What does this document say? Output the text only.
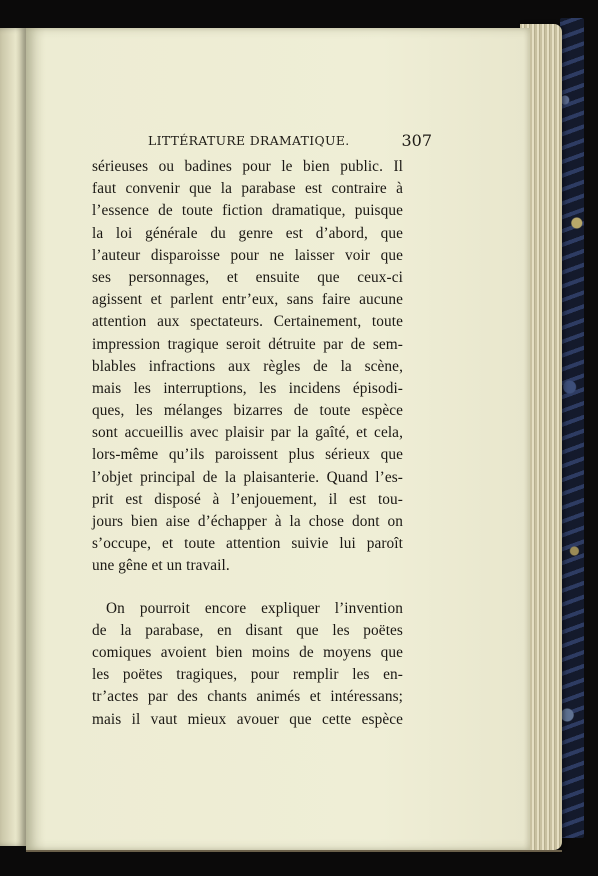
LITTÉRATURE DRAMATIQUE.	307
sérieuses ou badines pour le bien public. Il
faut convenir que la parabase est contraire à
l’essence de toute fiction dramatique, puisque
la loi générale du genre est d’abord, que
l’auteur disparoisse pour ne laisser voir que
ses personnages, et ensuite que ceux-ci
agissent et parlent entr’eux, sans faire aucune
attention aux spectateurs. Certainement, toute
impression tragique seroit détruite par de sem-
blables infractions aux règles de la scène,
mais les interruptions, les incidens épisodi-
ques, les mélanges bizarres de toute espèce
sont accueillis avec plaisir par la gaîté, et cela,
lors-même qu’ils paroissent plus sérieux que
l’objet principal de la plaisanterie. Quand l’es-
prit est disposé à l’enjouement, il est tou-
jours bien aise d’échapper à la chose dont on
s’occupe, et toute attention suivie lui paroît
une gêne et un travail.
On pourroit encore expliquer l’invention
de la parabase, en disant que les poëtes
comiques avoient bien moins de moyens que
les poëtes tragiques, pour remplir les en-
tr’actes par des chants animés et intéressans;
mais il vaut mieux avouer que cette espèce
